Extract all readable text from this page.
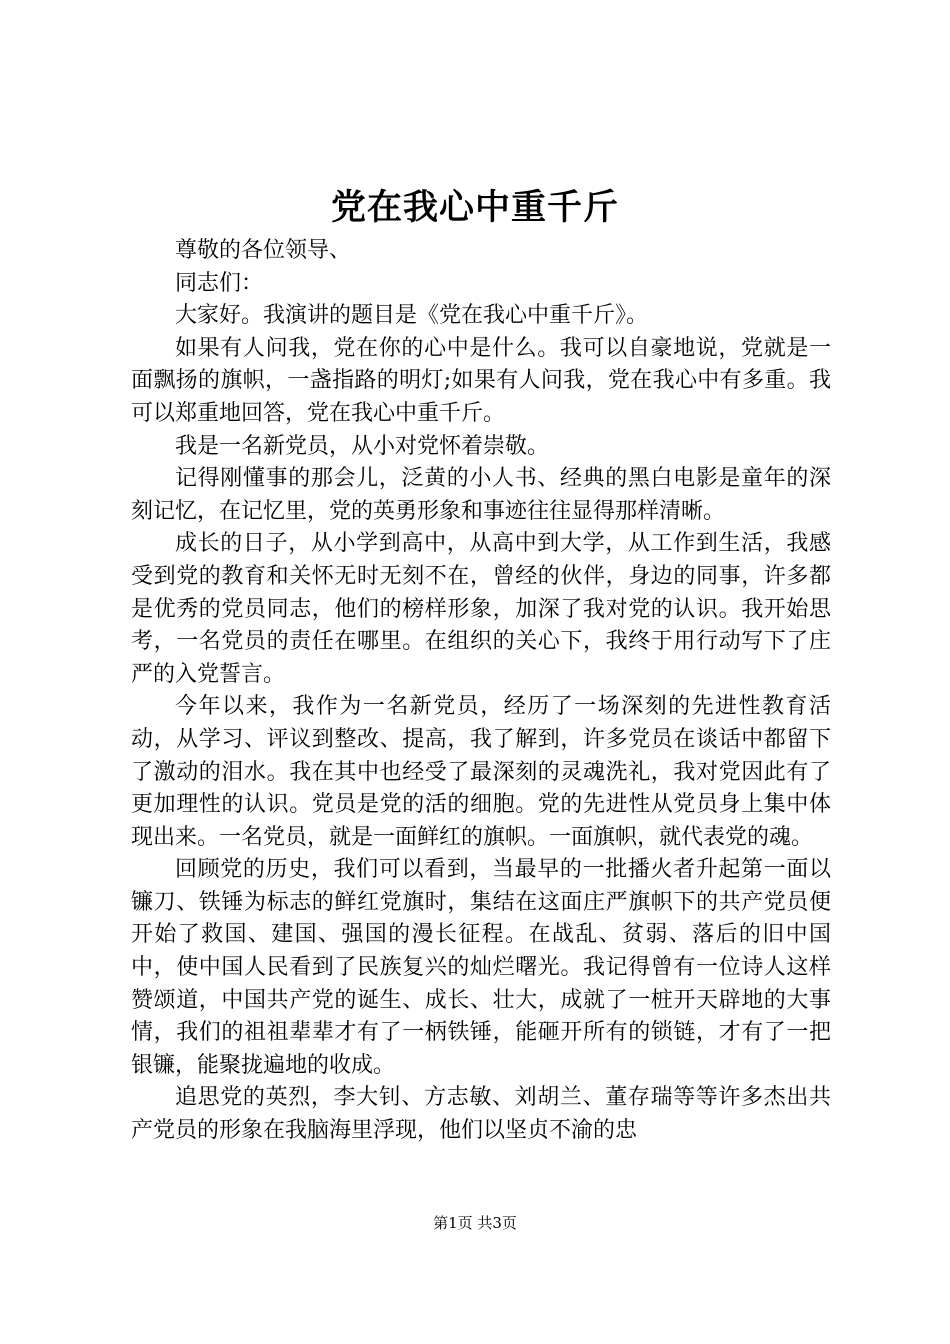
党在我心中重千斤

尊敬的各位领导、

同志们：

大家好。我演讲的题目是《党在我心中重千斤》。

如果有人问我，党在你的心中是什么。我可以自豪地说，党就是一面飘扬的旗帜，一盏指路的明灯;如果有人问我，党在我心中有多重。我可以郑重地回答，党在我心中重千斤。

我是一名新党员，从小对党怀着崇敬。

记得刚懂事的那会儿，泛黄的小人书、经典的黑白电影是童年的深刻记忆，在记忆里，党的英勇形象和事迹往往显得那样清晰。

成长的日子，从小学到高中，从高中到大学，从工作到生活，我感受到党的教育和关怀无时无刻不在，曾经的伙伴，身边的同事，许多都是优秀的党员同志，他们的榜样形象，加深了我对党的认识。我开始思考，一名党员的责任在哪里。在组织的关心下，我终于用行动写下了庄严的入党誓言。

今年以来，我作为一名新党员，经历了一场深刻的先进性教育活动，从学习、评议到整改、提高，我了解到，许多党员在谈话中都留下了激动的泪水。我在其中也经受了最深刻的灵魂洗礼，我对党因此有了更加理性的认识。党员是党的活的细胞。党的先进性从党员身上集中体现出来。一名党员，就是一面鲜红的旗帜。一面旗帜，就代表党的魂。

回顾党的历史，我们可以看到，当最早的一批播火者升起第一面以镰刀、铁锤为标志的鲜红党旗时，集结在这面庄严旗帜下的共产党员便开始了救国、建国、强国的漫长征程。在战乱、贫弱、落后的旧中国中，使中国人民看到了民族复兴的灿烂曙光。我记得曾有一位诗人这样赞颂道，中国共产党的诞生、成长、壮大，成就了一桩开天辟地的大事情，我们的祖祖辈辈才有了一柄铁锤，能砸开所有的锁链，才有了一把银镰，能聚拢遍地的收成。

追思党的英烈，李大钊、方志敏、刘胡兰、董存瑞等等许多杰出共产党员的形象在我脑海里浮现，他们以坚贞不渝的忠

第1页 共3页
